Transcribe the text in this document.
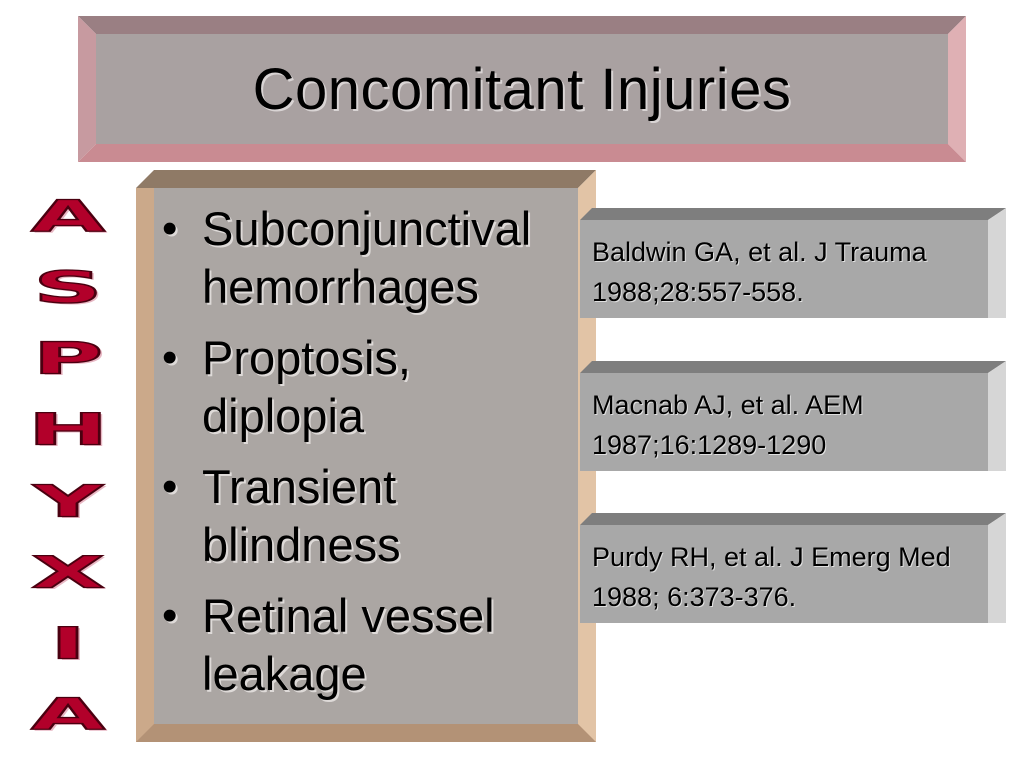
Concomitant Injuries
A
S
P
H
Y
X
I
A
• Subconjunctival hemorrhages
• Proptosis, diplopia
• Transient blindness
• Retinal vessel leakage
Baldwin GA, et al. J Trauma 1988;28:557-558.
Macnab AJ, et al. AEM 1987;16:1289-1290
Purdy RH, et al. J Emerg Med 1988; 6:373-376.
